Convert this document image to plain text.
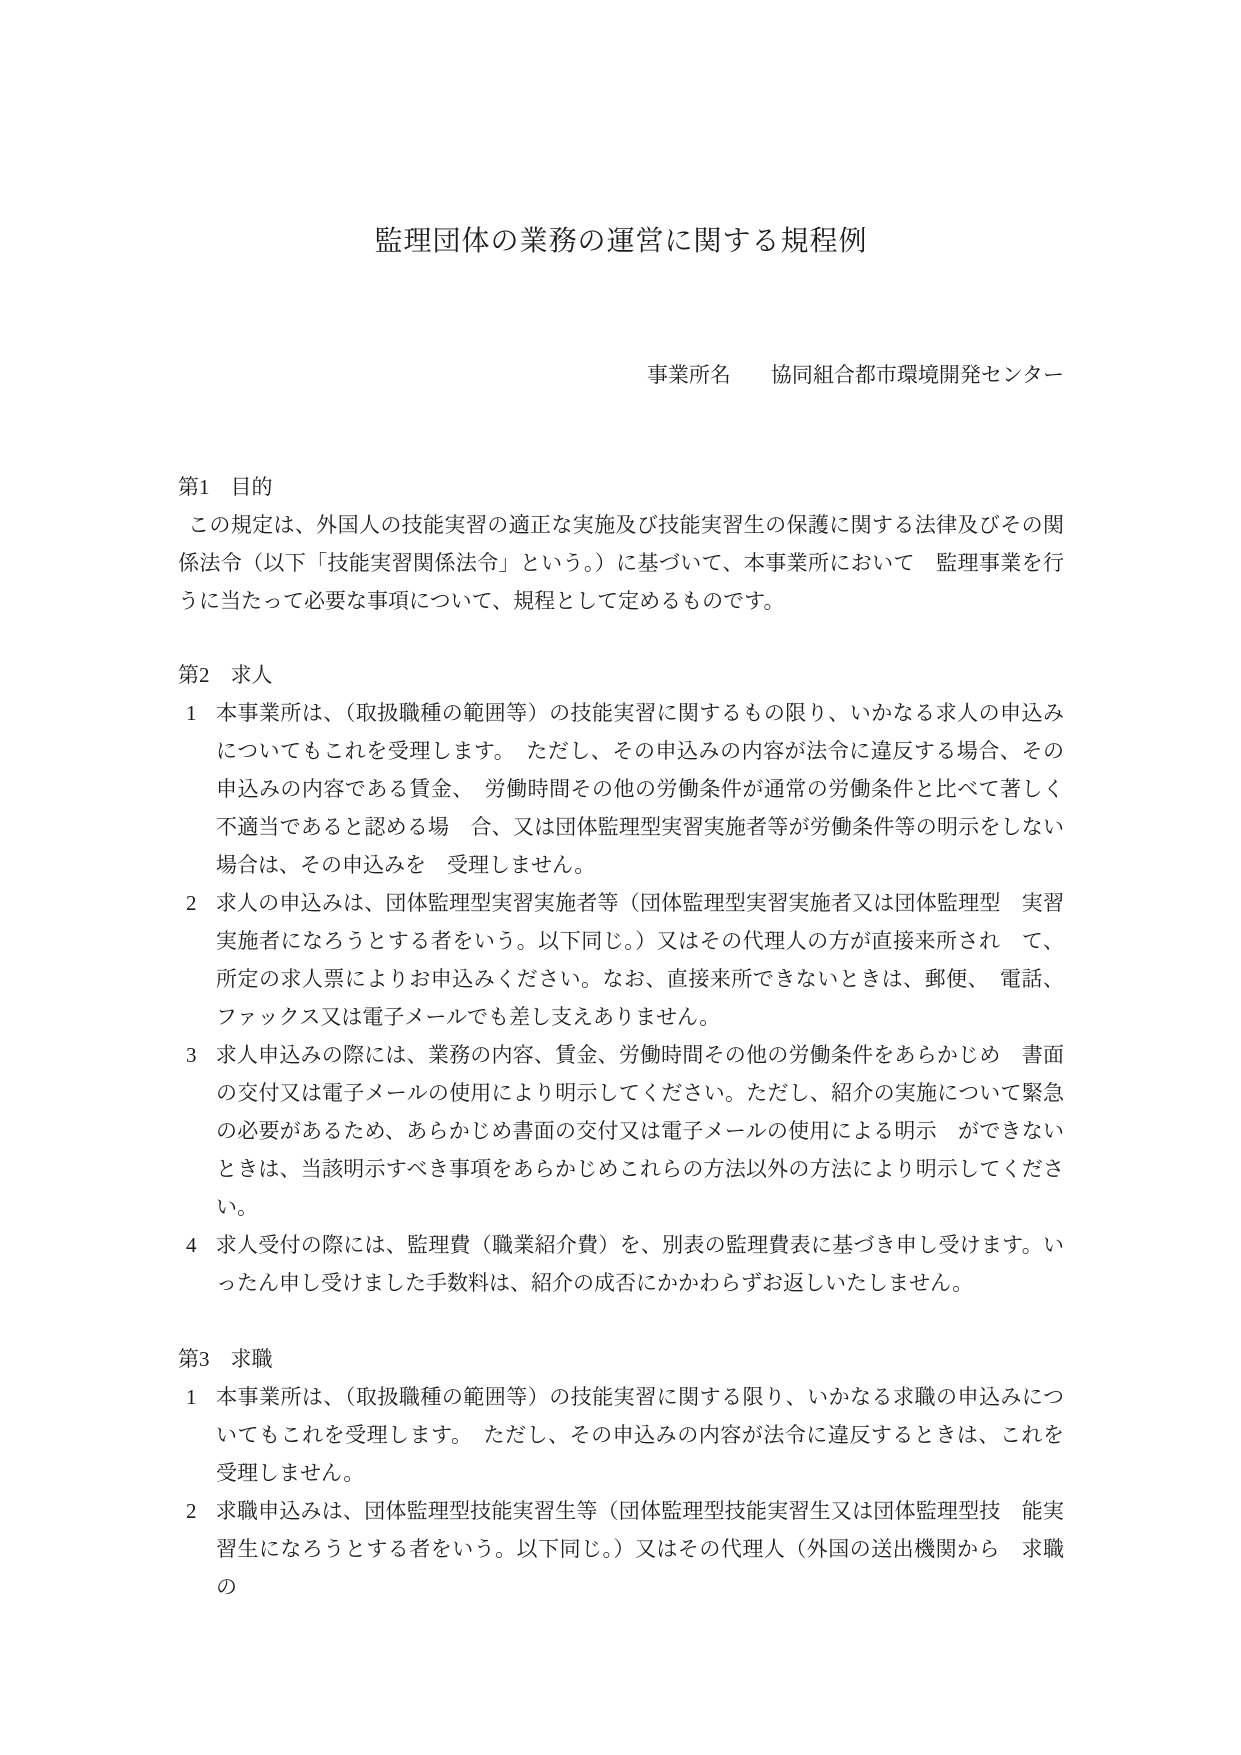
監理団体の業務の運営に関する規程例
事業所名 協同組合都市環境開発センター
第1　目的

この規定は、外国人の技能実習の適正な実施及び技能実習生の保護に関する法律及びその関係法令（以下「技能実習関係法令」という。）に基づいて、本事業所において　監理事業を行うに当たって必要な事項について、規程として定めるものです。

第2　求人
1 本事業所は、（取扱職種の範囲等）の技能実習に関するもの限り、いかなる求人の申込みについてもこれを受理します。　ただし、その申込みの内容が法令に違反する場合、その申込みの内容である賃金、　労働時間その他の労働条件が通常の労働条件と比べて著しく不適当であると認める場　合、又は団体監理型実習実施者等が労働条件等の明示をしない場合は、その申込みを　受理しません。
2 求人の申込みは、団体監理型実習実施者等（団体監理型実習実施者又は団体監理型　実習実施者になろうとする者をいう。以下同じ。）又はその代理人の方が直接来所され　て、所定の求人票によりお申込みください。なお、直接来所できないときは、郵便、　電話、ファックス又は電子メールでも差し支えありません。
3 求人申込みの際には、業務の内容、賃金、労働時間その他の労働条件をあらかじめ　書面の交付又は電子メールの使用により明示してください。ただし、紹介の実施について緊急の必要があるため、あらかじめ書面の交付又は電子メールの使用による明示　ができないときは、当該明示すべき事項をあらかじめこれらの方法以外の方法により明示してください。
4 求人受付の際には、監理費（職業紹介費）を、別表の監理費表に基づき申し受けます。いったん申し受けました手数料は、紹介の成否にかかわらずお返しいたしません。
第3　求職
1 本事業所は、（取扱職種の範囲等）の技能実習に関する限り、いかなる求職の申込みについてもこれを受理します。　ただし、その申込みの内容が法令に違反するときは、これを受理しません。
2 求職申込みは、団体監理型技能実習生等（団体監理型技能実習生又は団体監理型技　能実習生になろうとする者をいう。以下同じ。）又はその代理人（外国の送出機関から　求職の
